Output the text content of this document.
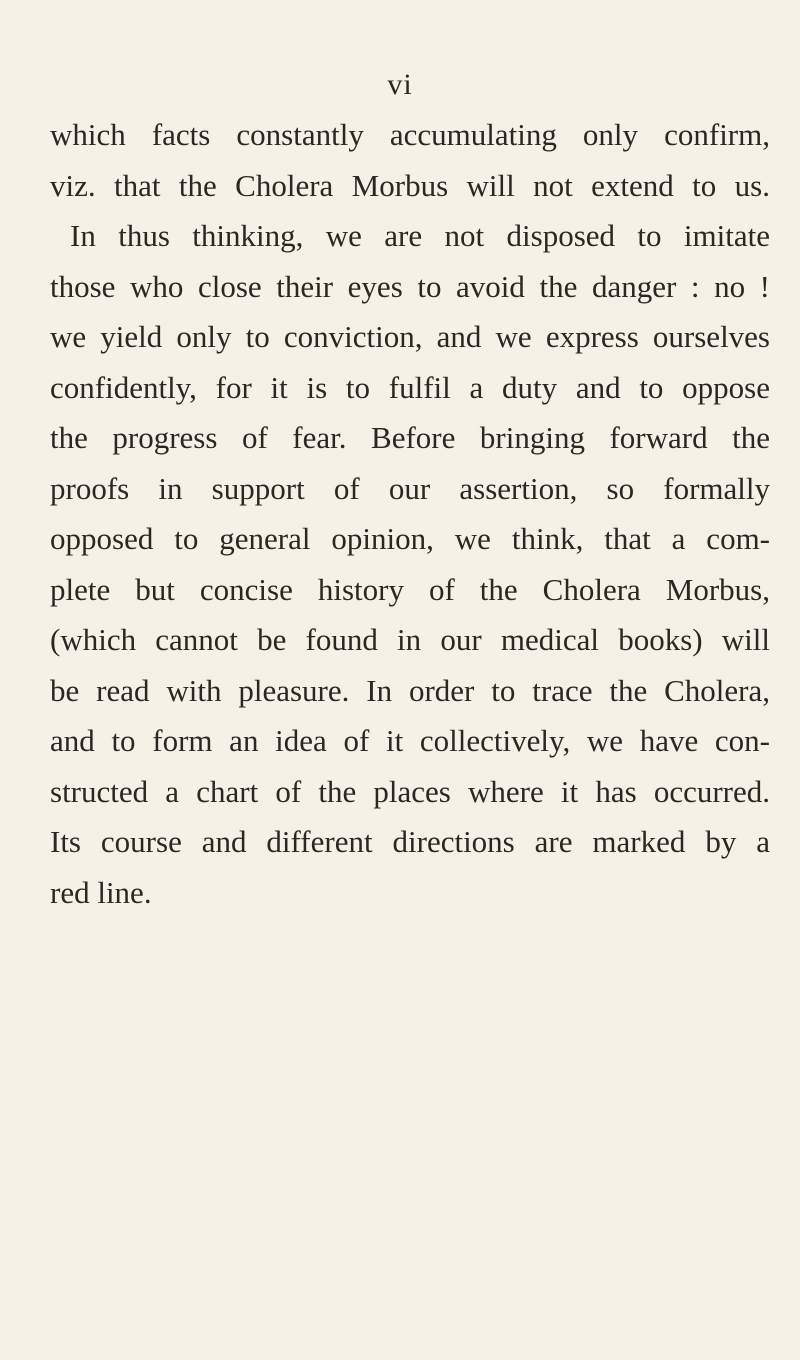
vi
which facts constantly accumulating only confirm,
viz. that the Cholera Morbus will not extend to us.
In thus thinking, we are not disposed to imitate
those who close their eyes to avoid the danger : no !
we yield only to conviction, and we express ourselves
confidently, for it is to fulfil a duty and to oppose
the progress of fear. Before bringing forward the
proofs in support of our assertion, so formally
opposed to general opinion, we think, that a com-
plete but concise history of the Cholera Morbus,
(which cannot be found in our medical books) will
be read with pleasure. In order to trace the Cholera,
and to form an idea of it collectively, we have con-
structed a chart of the places where it has occurred.
Its course and different directions are marked by a
red line.
